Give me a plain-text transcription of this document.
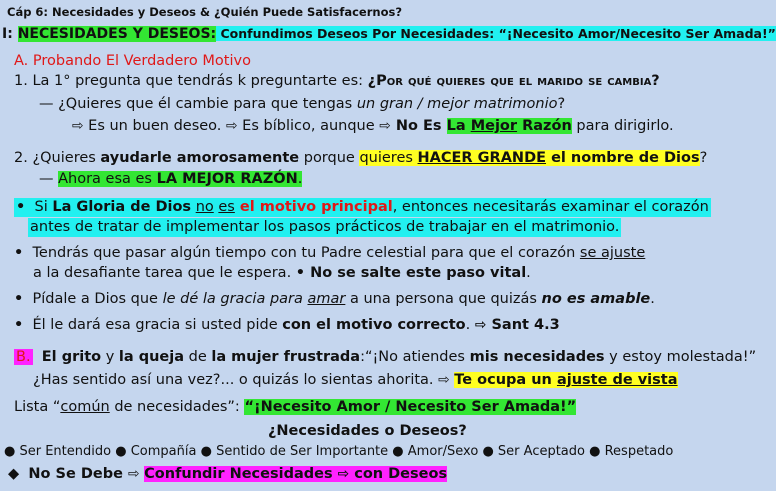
Cáp 6: Necesidades y Deseos & ¿Quién Puede Satisfacernos?
I: NECESIDADES Y DESEOS: Confundimos Deseos Por Necesidades: “¡Necesito Amor/Necesito Ser Amada!”
A. Probando El Verdadero Motivo
1. La 1° pregunta que tendrás k preguntarte es: ¿Por qué quieres que el marido se cambia?
— ¿Quieres que él cambie para que tengas un gran / mejor matrimonio?
⇨ Es un buen deseo. ⇨ Es bíblico, aunque ⇨ No Es La Mejor Razón para dirigirlo.
2. ¿Quieres ayudarle amorosamente porque quieres HACER GRANDE el nombre de Dios?
— Ahora esa es LA MEJOR RAZÓN.
• Si La Gloria de Dios no es el motivo principal, entonces necesitarás examinar el corazón
antes de tratar de implementar los pasos prácticos de trabajar en el matrimonio.
• Tendrás que pasar algún tiempo con tu Padre celestial para que el corazón se ajuste
a la desafiante tarea que le espera. • No se salte este paso vital.
• Pídale a Dios que le dé la gracia para amar a una persona que quizás no es amable.
• Él le dará esa gracia si usted pide con el motivo correcto. ⇨ Sant 4.3
B. El grito y la queja de la mujer frustrada:“¡No atiendes mis necesidades y estoy molestada!”
¿Has sentido así una vez?... o quizás lo sientas ahorita. ⇨ Te ocupa un ajuste de vista
Lista “común de necesidades”: “¡Necesito Amor / Necesito Ser Amada!”
¿Necesidades o Deseos?
● Ser Entendido ● Compañía ● Sentido de Ser Importante ● Amor/Sexo ● Ser Aceptado ● Respetado
◆ No Se Debe ⇨ Confundir Necesidades ⇨ con Deseos
